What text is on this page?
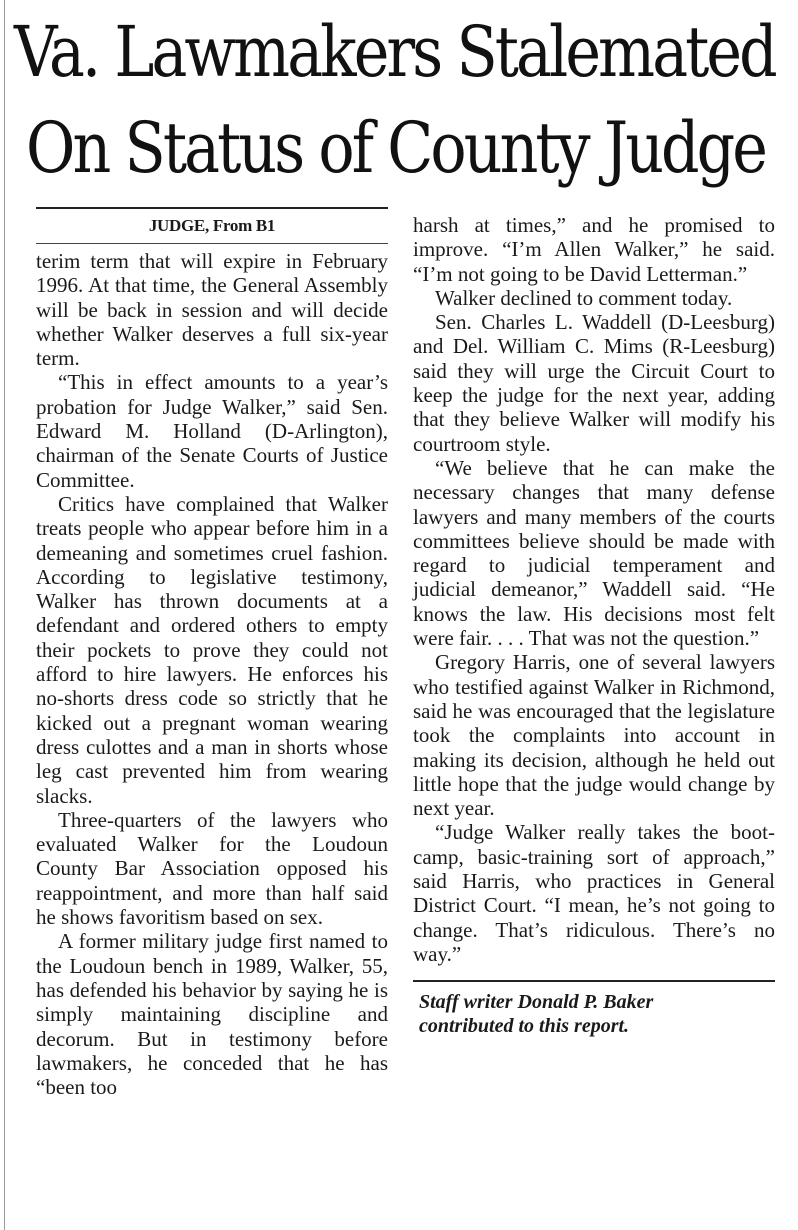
Va. Lawmakers Stalemated
On Status of County Judge
JUDGE, From B1

terim term that will expire in February 1996. At that time, the General Assembly will be back in session and will decide whether Walker deserves a full six-year term.

“This in effect amounts to a year’s probation for Judge Walker,” said Sen. Edward M. Holland (D-Arlington), chairman of the Senate Courts of Justice Committee.

Critics have complained that Walker treats people who appear before him in a demeaning and sometimes cruel fashion. According to legislative testimony, Walker has thrown documents at a defendant and ordered others to empty their pockets to prove they could not afford to hire lawyers. He enforces his no-shorts dress code so strictly that he kicked out a pregnant woman wearing dress culottes and a man in shorts whose leg cast prevented him from wearing slacks.

Three-quarters of the lawyers who evaluated Walker for the Loudoun County Bar Association opposed his reappointment, and more than half said he shows favoritism based on sex.

A former military judge first named to the Loudoun bench in 1989, Walker, 55, has defended his behavior by saying he is simply maintaining discipline and decorum. But in testimony before lawmakers, he conceded that he has “been too

harsh at times,” and he promised to improve. “I’m Allen Walker,” he said. “I’m not going to be David Letterman.”

Walker declined to comment today.

Sen. Charles L. Waddell (D-Leesburg) and Del. William C. Mims (R-Leesburg) said they will urge the Circuit Court to keep the judge for the next year, adding that they believe Walker will modify his courtroom style.

“We believe that he can make the necessary changes that many defense lawyers and many members of the courts committees believe should be made with regard to judicial temperament and judicial demeanor,” Waddell said. “He knows the law. His decisions most felt were fair. . . . That was not the question.”

Gregory Harris, one of several lawyers who testified against Walker in Richmond, said he was encouraged that the legislature took the complaints into account in making its decision, although he held out little hope that the judge would change by next year.

“Judge Walker really takes the boot-camp, basic-training sort of approach,” said Harris, who practices in General District Court. “I mean, he’s not going to change. That’s ridiculous. There’s no way.”

Staff writer Donald P. Baker

contributed to this report.
